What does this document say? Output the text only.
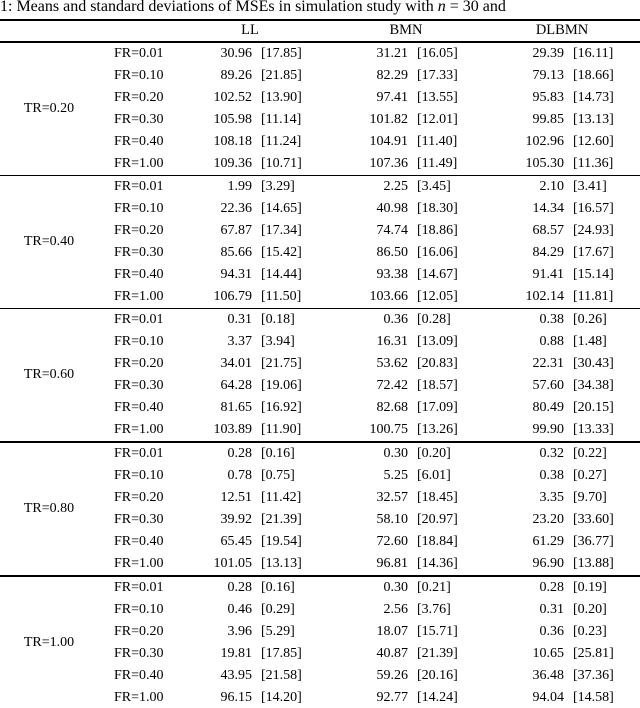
1: Means and standard deviations of MSEs in simulation study with n = 30 and
		LL		BMN		DLBMN	
TR=0.20	FR=0.01	30.96	[17.85]	31.21	[16.05]	29.39	[16.11]
	FR=0.10	89.26	[21.85]	82.29	[17.33]	79.13	[18.66]
	FR=0.20	102.52	[13.90]	97.41	[13.55]	95.83	[14.73]
	FR=0.30	105.98	[11.14]	101.82	[12.01]	99.85	[13.13]
	FR=0.40	108.18	[11.24]	104.91	[11.40]	102.96	[12.60]
	FR=1.00	109.36	[10.71]	107.36	[11.49]	105.30	[11.36]
TR=0.40	FR=0.01	1.99	[3.29]	2.25	[3.45]	2.10	[3.41]
	FR=0.10	22.36	[14.65]	40.98	[18.30]	14.34	[16.57]
	FR=0.20	67.87	[17.34]	74.74	[18.86]	68.57	[24.93]
	FR=0.30	85.66	[15.42]	86.50	[16.06]	84.29	[17.67]
	FR=0.40	94.31	[14.44]	93.38	[14.67]	91.41	[15.14]
	FR=1.00	106.79	[11.50]	103.66	[12.05]	102.14	[11.81]
TR=0.60	FR=0.01	0.31	[0.18]	0.36	[0.28]	0.38	[0.26]
	FR=0.10	3.37	[3.94]	16.31	[13.09]	0.88	[1.48]
	FR=0.20	34.01	[21.75]	53.62	[20.83]	22.31	[30.43]
	FR=0.30	64.28	[19.06]	72.42	[18.57]	57.60	[34.38]
	FR=0.40	81.65	[16.92]	82.68	[17.09]	80.49	[20.15]
	FR=1.00	103.89	[11.90]	100.75	[13.26]	99.90	[13.33]
TR=0.80	FR=0.01	0.28	[0.16]	0.30	[0.20]	0.32	[0.22]
	FR=0.10	0.78	[0.75]	5.25	[6.01]	0.38	[0.27]
	FR=0.20	12.51	[11.42]	32.57	[18.45]	3.35	[9.70]
	FR=0.30	39.92	[21.39]	58.10	[20.97]	23.20	[33.60]
	FR=0.40	65.45	[19.54]	72.60	[18.84]	61.29	[36.77]
	FR=1.00	101.05	[13.13]	96.81	[14.36]	96.90	[13.88]
TR=1.00	FR=0.01	0.28	[0.16]	0.30	[0.21]	0.28	[0.19]
	FR=0.10	0.46	[0.29]	2.56	[3.76]	0.31	[0.20]
	FR=0.20	3.96	[5.29]	18.07	[15.71]	0.36	[0.23]
	FR=0.30	19.81	[17.85]	40.87	[21.39]	10.65	[25.81]
	FR=0.40	43.95	[21.58]	59.26	[20.16]	36.48	[37.36]
	FR=1.00	96.15	[14.20]	92.77	[14.24]	94.04	[14.58]
